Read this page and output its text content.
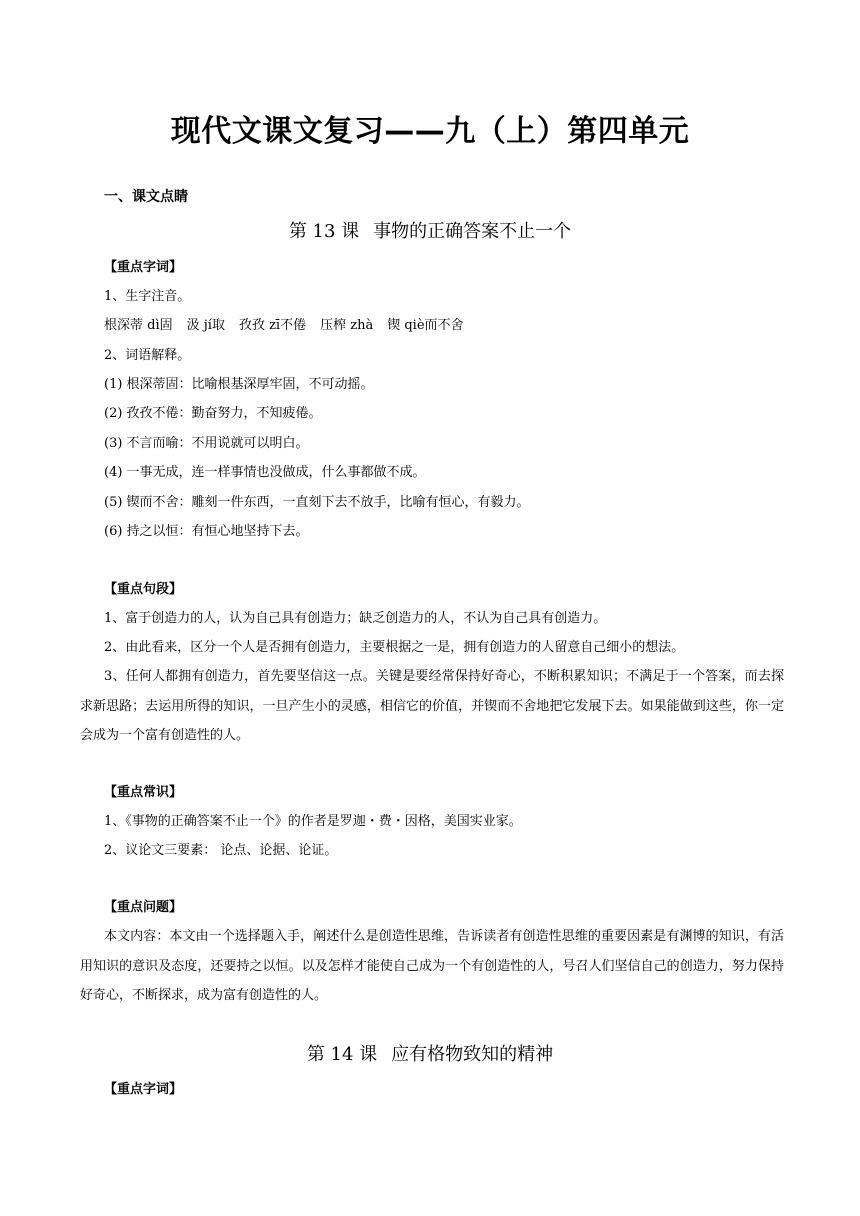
现代文课文复习——九（上）第四单元
一、课文点睛
第 13 课 事物的正确答案不止一个
【重点字词】
1、生字注音。
根深蒂 dì固 汲 jí取 孜孜 zī不倦 压榨 zhà 锲 qiè而不舍
2、词语解释。
(1) 根深蒂固：比喻根基深厚牢固，不可动摇。
(2) 孜孜不倦：勤奋努力，不知疲倦。
(3) 不言而喻：不用说就可以明白。
(4) 一事无成，连一样事情也没做成，什么事都做不成。
(5) 锲而不舍：雕刻一件东西，一直刻下去不放手，比喻有恒心，有毅力。
(6) 持之以恒：有恒心地坚持下去。
【重点句段】
1、富于创造力的人，认为自己具有创造力；缺乏创造力的人，不认为自己具有创造力。
2、由此看来，区分一个人是否拥有创造力，主要根据之一是，拥有创造力的人留意自己细小的想法。
3、任何人都拥有创造力，首先要坚信这一点。关键是要经常保持好奇心，不断积累知识；不满足于一个答案，而去探求新思路；去运用所得的知识，一旦产生小的灵感，相信它的价值，并锲而不舍地把它发展下去。如果能做到这些，你一定会成为一个富有创造性的人。
【重点常识】
1、《事物的正确答案不止一个》的作者是罗迦・费・因格，美国实业家。
2、议论文三要素： 论点、论据、论证。
【重点问题】
本文内容：本文由一个选择题入手，阐述什么是创造性思维，告诉读者有创造性思维的重要因素是有渊博的知识，有活用知识的意识及态度，还要持之以恒。以及怎样才能使自己成为一个有创造性的人，号召人们坚信自己的创造力，努力保持好奇心，不断探求，成为富有创造性的人。
第 14 课 应有格物致知的精神
【重点字词】
